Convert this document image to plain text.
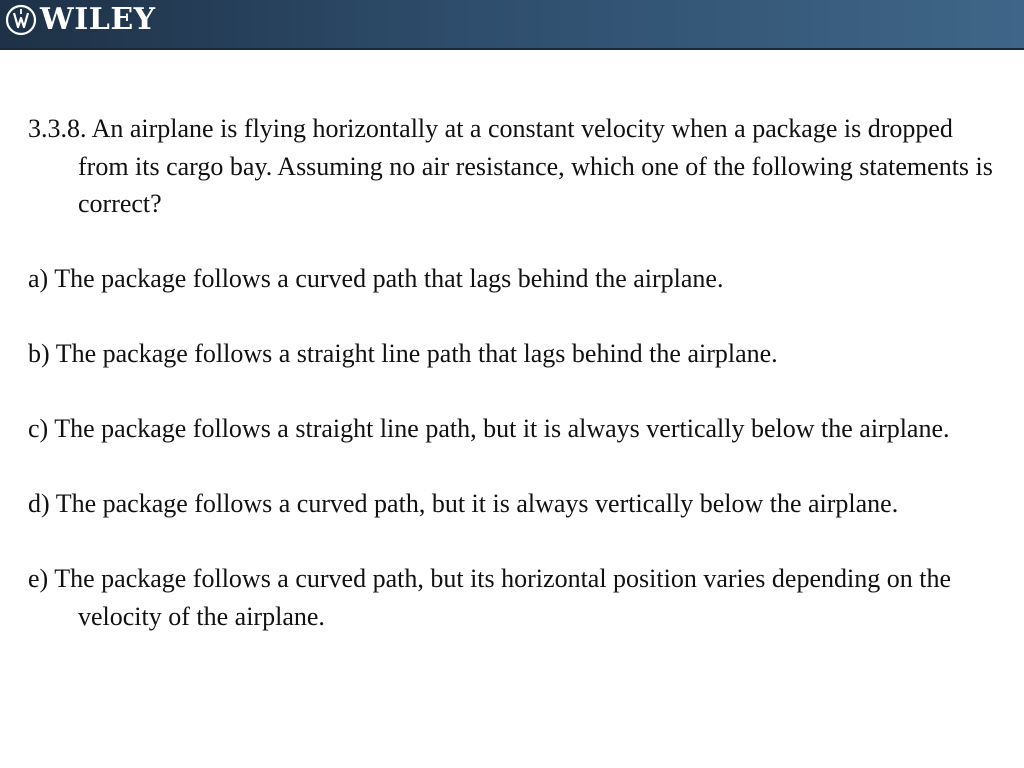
WILEY

3.3.8. An airplane is flying horizontally at a constant velocity when a package is dropped from its cargo bay. Assuming no air resistance, which one of the following statements is correct?

a) The package follows a curved path that lags behind the airplane.

b) The package follows a straight line path that lags behind the airplane.

c) The package follows a straight line path, but it is always vertically below the airplane.

d) The package follows a curved path, but it is always vertically below the airplane.

e) The package follows a curved path, but its horizontal position varies depending on the velocity of the airplane.
